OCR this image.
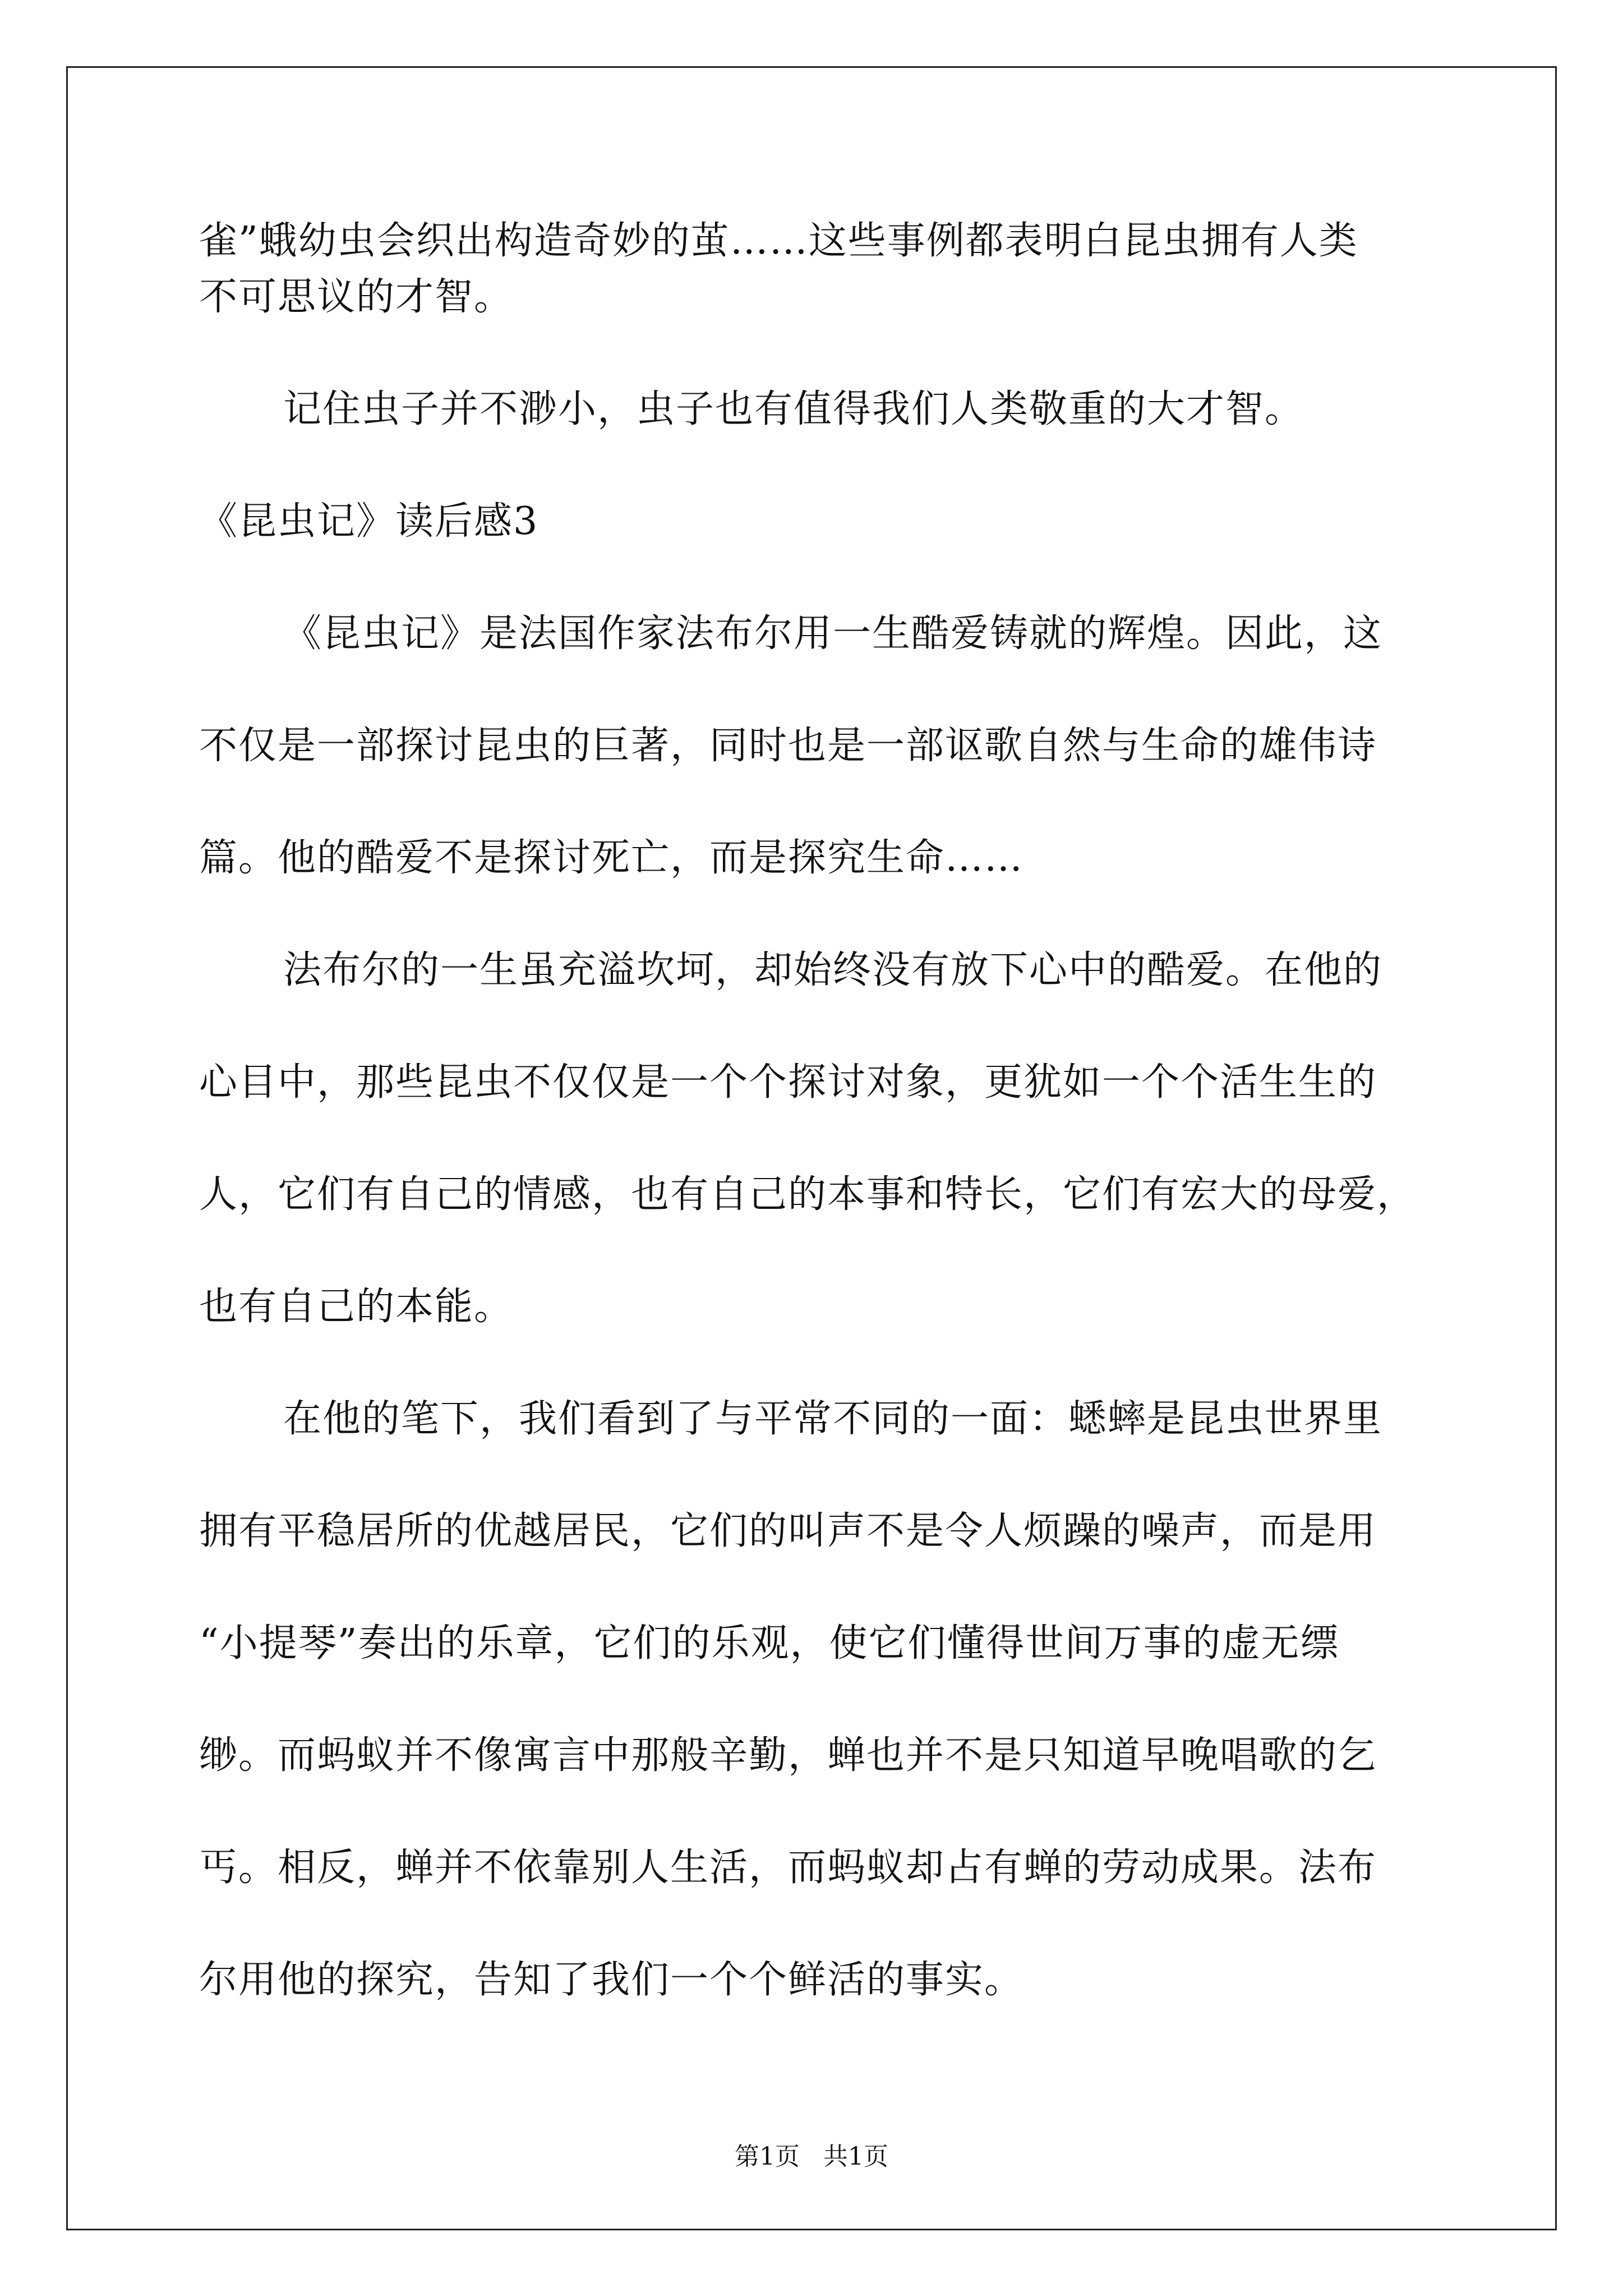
雀”蛾幼虫会织出构造奇妙的茧……这些事例都表明白昆虫拥有人类

不可思议的才智。

记住虫子并不渺小，虫子也有值得我们人类敬重的大才智。

《昆虫记》读后感3

《昆虫记》是法国作家法布尔用一生酷爱铸就的辉煌。因此，这

不仅是一部探讨昆虫的巨著，同时也是一部讴歌自然与生命的雄伟诗

篇。他的酷爱不是探讨死亡，而是探究生命……

法布尔的一生虽充溢坎坷，却始终没有放下心中的酷爱。在他的

心目中，那些昆虫不仅仅是一个个探讨对象，更犹如一个个活生生的

人，它们有自己的情感，也有自己的本事和特长，它们有宏大的母爱，

也有自己的本能。

在他的笔下，我们看到了与平常不同的一面：蟋蟀是昆虫世界里

拥有平稳居所的优越居民，它们的叫声不是令人烦躁的噪声，而是用

“小提琴”奏出的乐章，它们的乐观，使它们懂得世间万事的虚无缥

缈。而蚂蚁并不像寓言中那般辛勤，蝉也并不是只知道早晚唱歌的乞

丐。相反，蝉并不依靠别人生活，而蚂蚁却占有蝉的劳动成果。法布

尔用他的探究，告知了我们一个个鲜活的事实。

第1页   共1页
